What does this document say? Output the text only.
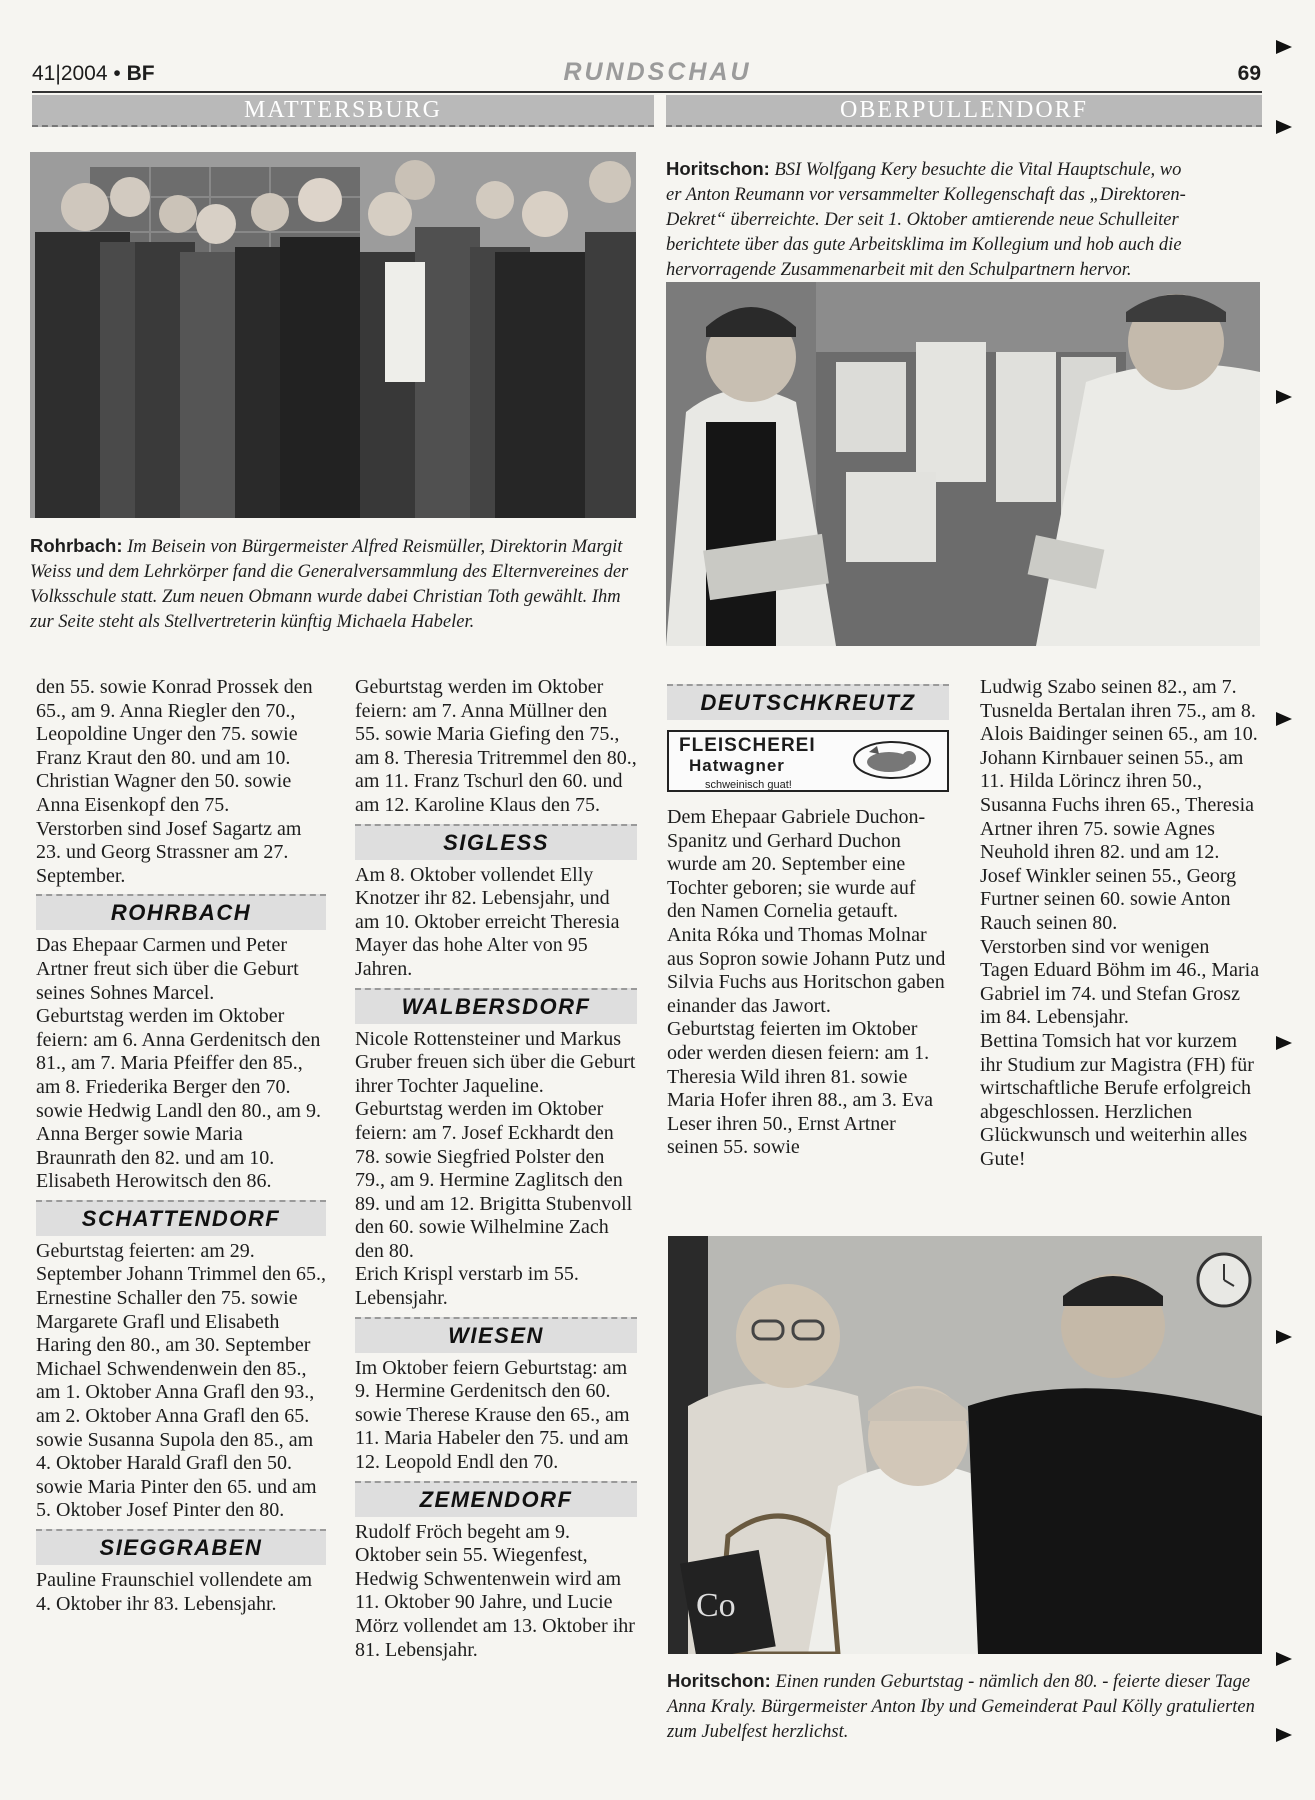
41|2004 • BF	RUNDSCHAU	69
MATTERSBURG	OBERPULLENDORF
Rohrbach: Im Beisein von Bürgermeister Alfred Reismüller, Direktorin Margit Weiss und dem Lehrkörper fand die Generalversammlung des Elternvereines der Volksschule statt. Zum neuen Obmann wurde dabei Christian Toth gewählt. Ihm zur Seite steht als Stellvertreterin künftig Michaela Habeler.
Horitschon: BSI Wolfgang Kery besuchte die Vital Hauptschule, wo er Anton Reumann vor versammelter Kollegenschaft das „Direktoren-Dekret“ überreichte. Der seit 1. Oktober amtierende neue Schulleiter berichtete über das gute Arbeitsklima im Kollegium und hob auch die hervorragende Zusammenarbeit mit den Schulpartnern hervor.

den 55. sowie Konrad Prossek den 65., am 9. Anna Riegler den 70., Leopoldine Unger den 75. sowie Franz Kraut den 80. und am 10. Christian Wagner den 50. sowie Anna Eisenkopf den 75.

Verstorben sind Josef Sagartz am 23. und Georg Strassner am 27. September.

ROHRBACH

Das Ehepaar Carmen und Peter Artner freut sich über die Geburt seines Sohnes Marcel.

Geburtstag werden im Oktober feiern: am 6. Anna Gerdenitsch den 81., am 7. Maria Pfeiffer den 85., am 8. Friederika Berger den 70. sowie Hedwig Landl den 80., am 9. Anna Berger sowie Maria Braunrath den 82. und am 10. Elisabeth Herowitsch den 86.

SCHATTENDORF

Geburtstag feierten: am 29. September Johann Trimmel den 65., Ernestine Schaller den 75. sowie Margarete Grafl und Elisabeth Haring den 80., am 30. September Michael Schwendenwein den 85., am 1. Oktober Anna Grafl den 93., am 2. Oktober Anna Grafl den 65. sowie Susanna Supola den 85., am 4. Oktober Harald Grafl den 50. sowie Maria Pinter den 65. und am 5. Oktober Josef Pinter den 80.

SIEGGRABEN

Pauline Fraunschiel vollendete am 4. Oktober ihr 83. Lebensjahr.

Geburtstag werden im Oktober feiern: am 7. Anna Müllner den 55. sowie Maria Giefing den 75., am 8. Theresia Tritremmel den 80., am 11. Franz Tschurl den 60. und am 12. Karoline Klaus den 75.

SIGLESS

Am 8. Oktober vollendet Elly Knotzer ihr 82. Lebensjahr, und am 10. Oktober erreicht Theresia Mayer das hohe Alter von 95 Jahren.

WALBERSDORF

Nicole Rottensteiner und Markus Gruber freuen sich über die Geburt ihrer Tochter Jaqueline.

Geburtstag werden im Oktober feiern: am 7. Josef Eckhardt den 78. sowie Siegfried Polster den 79., am 9. Hermine Zaglitsch den 89. und am 12. Brigitta Stubenvoll den 60. sowie Wilhelmine Zach den 80.

Erich Krispl verstarb im 55. Lebensjahr.

WIESEN

Im Oktober feiern Geburtstag: am 9. Hermine Gerdenitsch den 60. sowie Therese Krause den 65., am 11. Maria Habeler den 75. und am 12. Leopold Endl den 70.

ZEMENDORF

Rudolf Fröch begeht am 9. Oktober sein 55. Wiegenfest, Hedwig Schwentenwein wird am 11. Oktober 90 Jahre, und Lucie Mörz vollendet am 13. Oktober ihr 81. Lebensjahr.

DEUTSCHKREUTZ
FLEISCHEREI
Hatwagner
schweinisch guat!

Dem Ehepaar Gabriele Duchon-Spanitz und Gerhard Duchon wurde am 20. September eine Tochter geboren; sie wurde auf den Namen Cornelia getauft.

Anita Róka und Thomas Molnar aus Sopron sowie Johann Putz und Silvia Fuchs aus Horitschon gaben einander das Jawort.

Geburtstag feierten im Oktober oder werden diesen feiern: am 1. Theresia Wild ihren 81. sowie Maria Hofer ihren 88., am 3. Eva Leser ihren 50., Ernst Artner seinen 55. sowie

Ludwig Szabo seinen 82., am 7. Tusnelda Bertalan ihren 75., am 8. Alois Baidinger seinen 65., am 10. Johann Kirnbauer seinen 55., am 11. Hilda Lörincz ihren 50., Susanna Fuchs ihren 65., Theresia Artner ihren 75. sowie Agnes Neuhold ihren 82. und am 12. Josef Winkler seinen 55., Georg Furtner seinen 60. sowie Anton Rauch seinen 80.

Verstorben sind vor wenigen Tagen Eduard Böhm im 46., Maria Gabriel im 74. und Stefan Grosz im 84. Lebensjahr.

Bettina Tomsich hat vor kurzem ihr Studium zur Magistra (FH) für wirtschaftliche Berufe erfolgreich abgeschlossen. Herzlichen Glückwunsch und weiterhin alles Gute!

Co
Horitschon: Einen runden Geburtstag - nämlich den 80. - feierte dieser Tage Anna Kraly. Bürgermeister Anton Iby und Gemeinderat Paul Kölly gratulierten zum Jubelfest herzlichst.
